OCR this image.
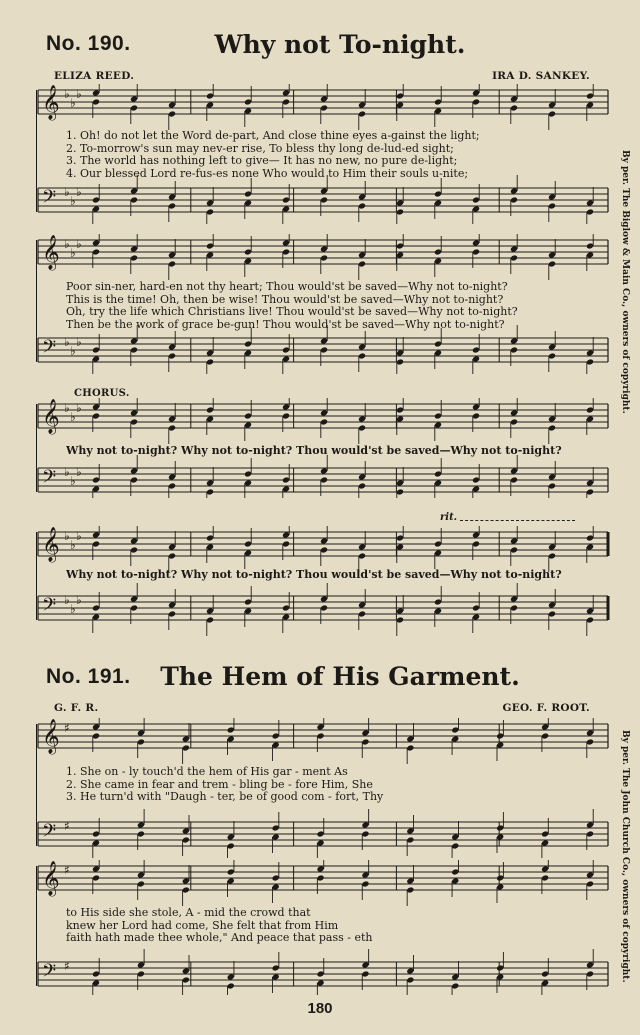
No. 190.	Why not To-night.
ELIZA REED.	IRA D. SANKEY.
𝄞 ♭
♭
♭
𝄢 ♭
♭
♭
1. Oh! do not let the Word de-part, And close thine eyes a-gainst the light;
2. To-morrow's sun may nev-er rise, To bless thy long de-lud-ed sight;
3. The world has nothing left to give— It has no new, no pure de-light;
4. Our blessed Lord re-fus-es none Who would to Him their souls u-nite;
𝄞 ♭
♭
♭
𝄢 ♭
♭
♭
Poor sin-ner, hard-en not thy heart; Thou would'st be saved—Why not to-night?
This is the time! Oh, then be wise! Thou would'st be saved—Why not to-night?
Oh, try the life which Christians live! Thou would'st be saved—Why not to-night?
Then be the work of grace be-gun! Thou would'st be saved—Why not to-night?
CHORUS.
𝄞 ♭
♭
♭
𝄢 ♭
♭
♭
Why not to-night? Why not to-night? Thou would'st be saved—Why not to-night?
rit.
𝄞 ♭
♭
♭
𝄢 ♭
♭
♭
Why not to-night? Why not to-night? Thou would'st be saved—Why not to-night?
No. 191.	The Hem of His Garment.
G. F. R.	GEO. F. ROOT.
𝄞 ♯
𝄢 ♯
1. She on - ly touch'd the hem of His gar - ment As
2. She came in fear and trem - bling be - fore Him, She
3. He turn'd with "Daugh - ter, be of good com - fort, Thy
𝄞 ♯
𝄢 ♯
to His side she stole, A - mid the crowd that
knew her Lord had come, She felt that from Him
faith hath made thee whole," And peace that pass - eth
By per. The Biglow & Main Co., owners of copyright.
By per. The John Church Co., owners of copyright.
180
